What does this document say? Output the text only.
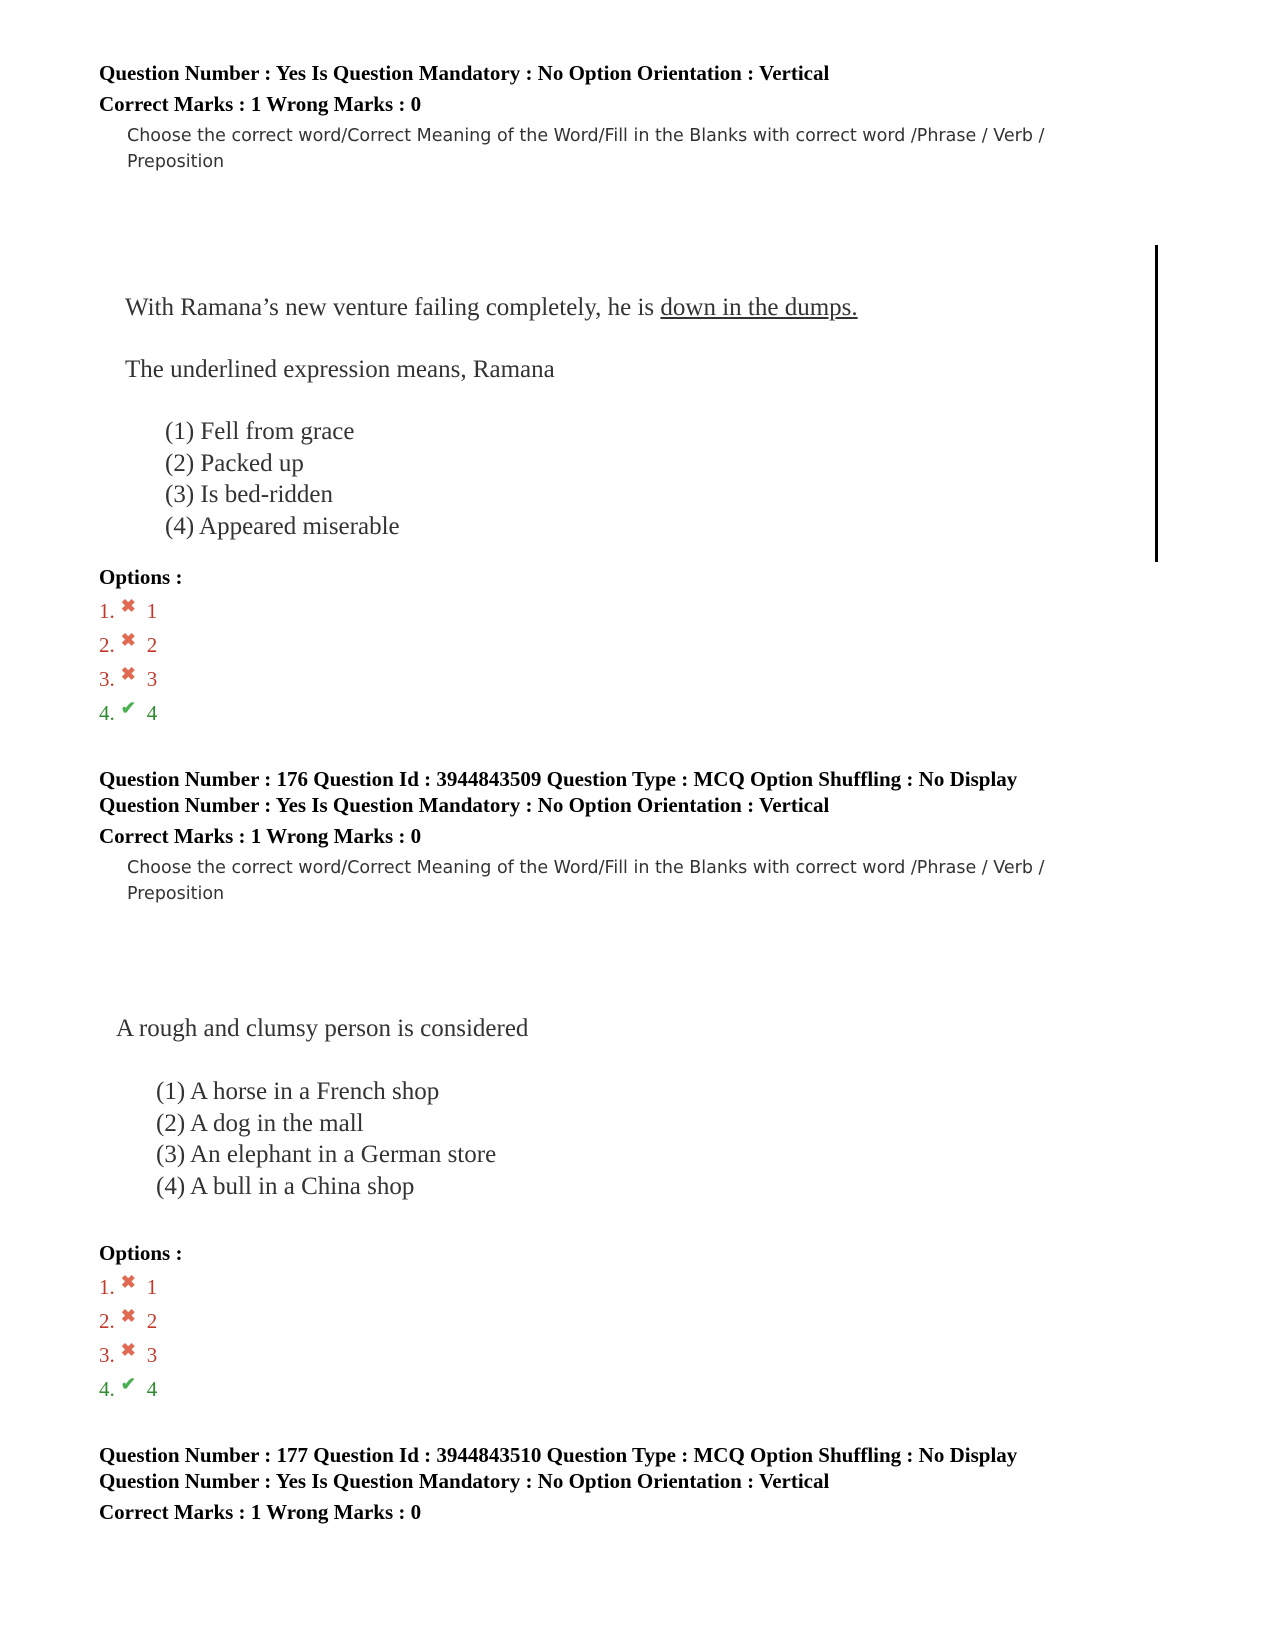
Question Number : Yes Is Question Mandatory : No Option Orientation : Vertical
Correct Marks : 1 Wrong Marks : 0
Choose the correct word/Correct Meaning of the Word/Fill in the Blanks with correct word /Phrase / Verb / Preposition
With Ramana’s new venture failing completely, he is down in the dumps.
The underlined expression means, Ramana
(1) Fell from grace
(2) Packed up
(3) Is bed-ridden
(4) Appeared miserable
Options :
1. ✖ 1
2. ✖ 2
3. ✖ 3
4. ✔ 4
Question Number : 176 Question Id : 3944843509 Question Type : MCQ Option Shuffling : No Display
Question Number : Yes Is Question Mandatory : No Option Orientation : Vertical
Correct Marks : 1 Wrong Marks : 0
Choose the correct word/Correct Meaning of the Word/Fill in the Blanks with correct word /Phrase / Verb / Preposition
A rough and clumsy person is considered
(1) A horse in a French shop
(2) A dog in the mall
(3) An elephant in a German store
(4) A bull in a China shop
Options :
1. ✖ 1
2. ✖ 2
3. ✖ 3
4. ✔ 4
Question Number : 177 Question Id : 3944843510 Question Type : MCQ Option Shuffling : No Display
Question Number : Yes Is Question Mandatory : No Option Orientation : Vertical
Correct Marks : 1 Wrong Marks : 0
